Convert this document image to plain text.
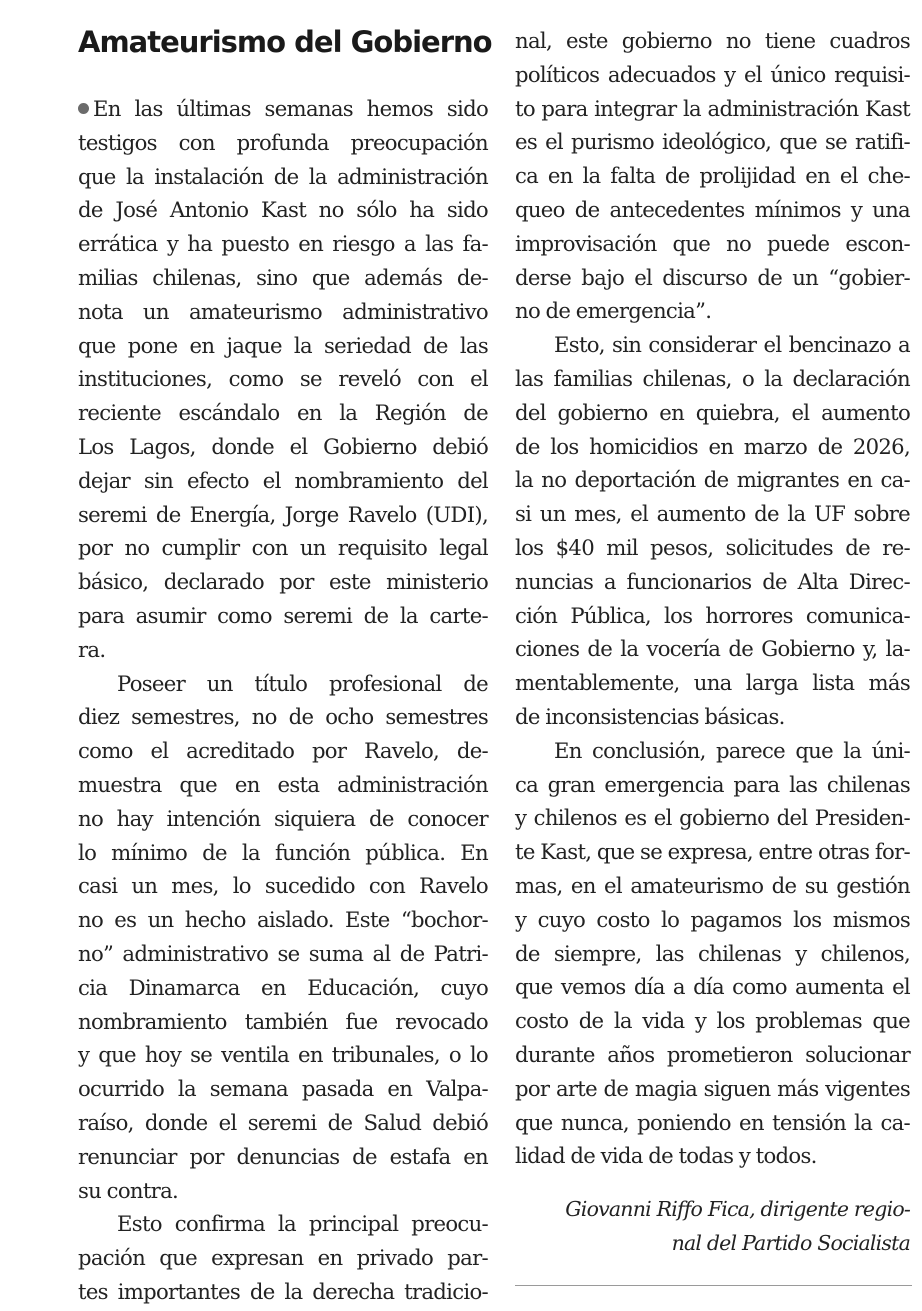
Amateurismo del Gobierno
En las últimas semanas hemos sido
testigos con profunda preocupación
que la instalación de la administración
de José Antonio Kast no sólo ha sido
errática y ha puesto en riesgo a las fa-
milias chilenas, sino que además de-
nota un amateurismo administrativo
que pone en jaque la seriedad de las
instituciones, como se reveló con el
reciente escándalo en la Región de
Los Lagos, donde el Gobierno debió
dejar sin efecto el nombramiento del
seremi de Energía, Jorge Ravelo (UDI),
por no cumplir con un requisito legal
básico, declarado por este ministerio
para asumir como seremi de la carte-
ra.
Poseer un título profesional de
diez semestres, no de ocho semestres
como el acreditado por Ravelo, de-
muestra que en esta administración
no hay intención siquiera de conocer
lo mínimo de la función pública. En
casi un mes, lo sucedido con Ravelo
no es un hecho aislado. Este “bochor-
no” administrativo se suma al de Patri-
cia Dinamarca en Educación, cuyo
nombramiento también fue revocado
y que hoy se ventila en tribunales, o lo
ocurrido la semana pasada en Valpa-
raíso, donde el seremi de Salud debió
renunciar por denuncias de estafa en
su contra.
Esto confirma la principal preocu-
pación que expresan en privado par-
tes importantes de la derecha tradicio-
nal, este gobierno no tiene cuadros
políticos adecuados y el único requisi-
to para integrar la administración Kast
es el purismo ideológico, que se ratifi-
ca en la falta de prolijidad en el che-
queo de antecedentes mínimos y una
improvisación que no puede escon-
derse bajo el discurso de un “gobier-
no de emergencia”.
Esto, sin considerar el bencinazo a
las familias chilenas, o la declaración
del gobierno en quiebra, el aumento
de los homicidios en marzo de 2026,
la no deportación de migrantes en ca-
si un mes, el aumento de la UF sobre
los $40 mil pesos, solicitudes de re-
nuncias a funcionarios de Alta Direc-
ción Pública, los horrores comunica-
ciones de la vocería de Gobierno y, la-
mentablemente, una larga lista más
de inconsistencias básicas.
En conclusión, parece que la úni-
ca gran emergencia para las chilenas
y chilenos es el gobierno del Presiden-
te Kast, que se expresa, entre otras for-
mas, en el amateurismo de su gestión
y cuyo costo lo pagamos los mismos
de siempre, las chilenas y chilenos,
que vemos día a día como aumenta el
costo de la vida y los problemas que
durante años prometieron solucionar
por arte de magia siguen más vigentes
que nunca, poniendo en tensión la ca-
lidad de vida de todas y todos.
Giovanni Riffo Fica, dirigente regio-
nal del Partido Socialista
